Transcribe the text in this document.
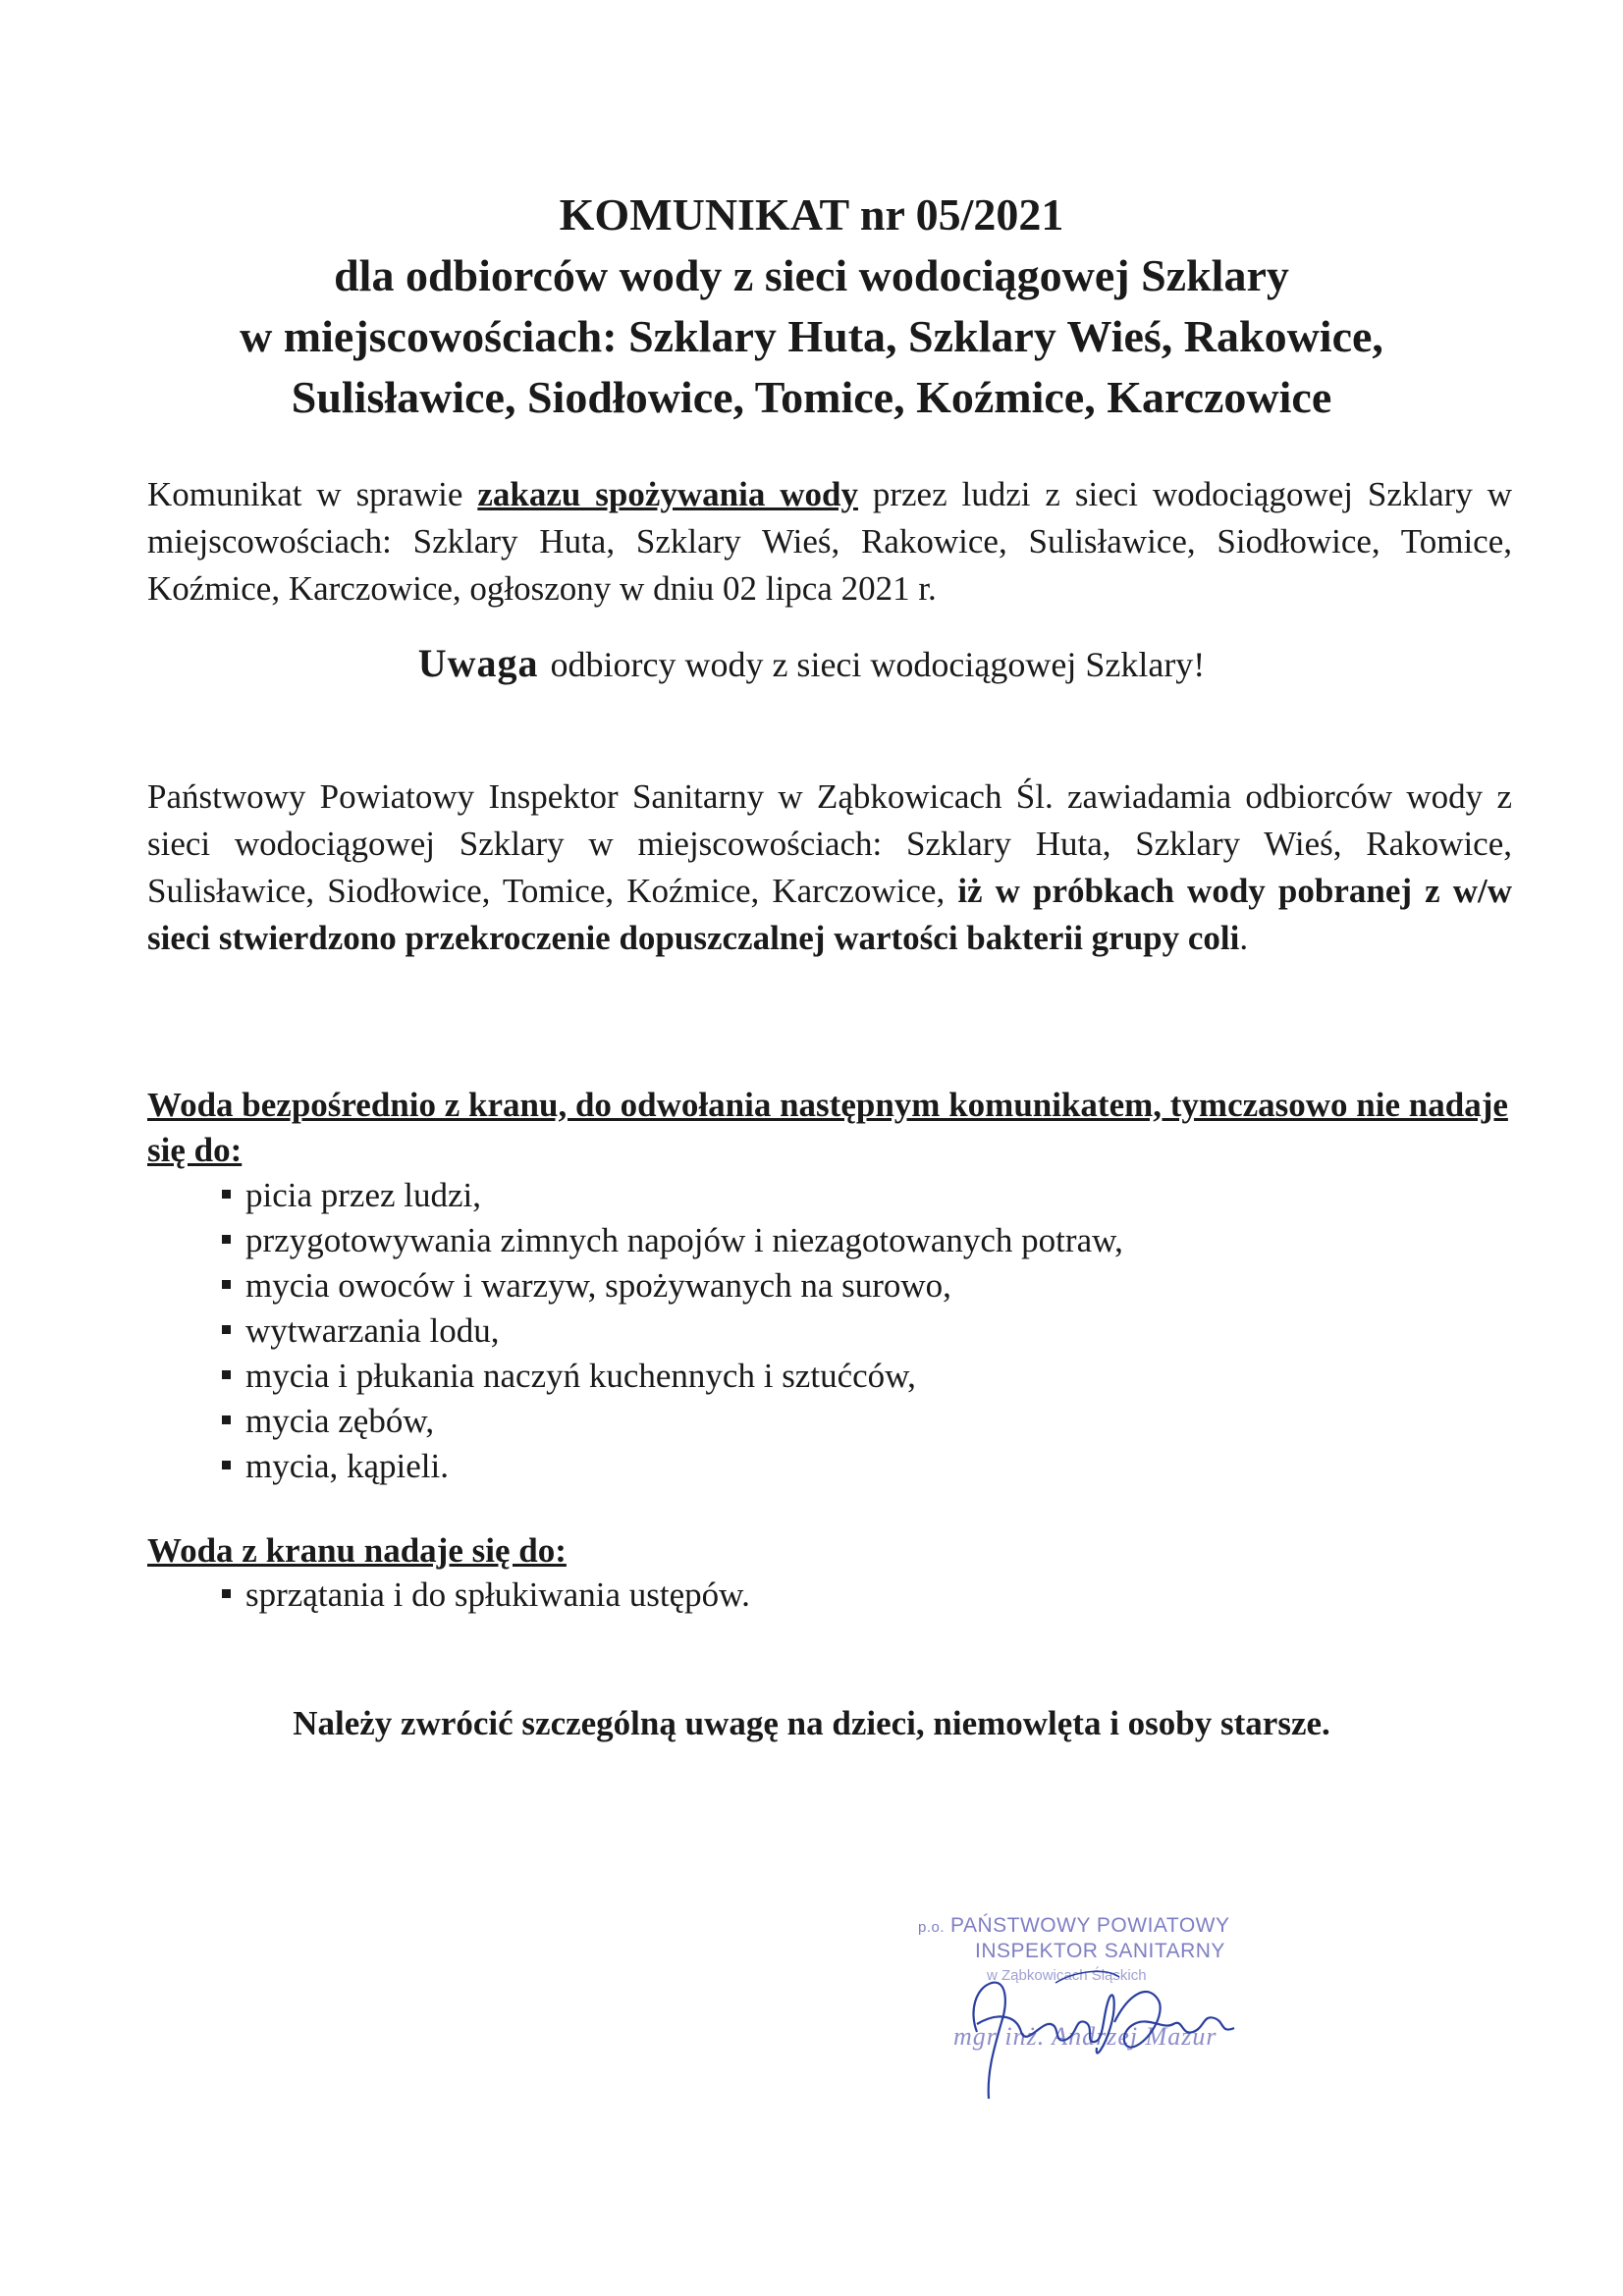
KOMUNIKAT nr 05/2021
dla odbiorców wody z sieci wodociągowej Szklary
w miejscowościach: Szklary Huta, Szklary Wieś, Rakowice,
Sulisławice, Siodłowice, Tomice, Koźmice, Karczowice
Komunikat w sprawie zakazu spożywania wody przez ludzi z sieci wodociągowej Szklary w miejscowościach: Szklary Huta, Szklary Wieś, Rakowice, Sulisławice, Siodłowice, Tomice, Koźmice, Karczowice, ogłoszony w dniu 02 lipca 2021 r.
Uwaga odbiorcy wody z sieci wodociągowej Szklary!
Państwowy Powiatowy Inspektor Sanitarny w Ząbkowicach Śl. zawiadamia odbiorców wody z sieci wodociągowej Szklary w miejscowościach: Szklary Huta, Szklary Wieś, Rakowice, Sulisławice, Siodłowice, Tomice, Koźmice, Karczowice, iż w próbkach wody pobranej z w/w sieci stwierdzono przekroczenie dopuszczalnej wartości bakterii grupy coli.
Woda bezpośrednio z kranu, do odwołania następnym komunikatem, tymczasowo nie nadaje się do:
picia przez ludzi,
przygotowywania zimnych napojów i niezagotowanych potraw,
mycia owoców i warzyw, spożywanych na surowo,
wytwarzania lodu,
mycia i płukania naczyń kuchennych i sztućców,
mycia zębów,
mycia, kąpieli.
Woda z kranu nadaje się do:
sprzątania i do spłukiwania ustępów.
Należy zwrócić szczególną uwagę na dzieci, niemowlęta i osoby starsze.
p.o. PAŃSTWOWY POWIATOWY
INSPEKTOR SANITARNY
w Ząbkowicach Śląskich
mgr inż. Andrzej Mazur
